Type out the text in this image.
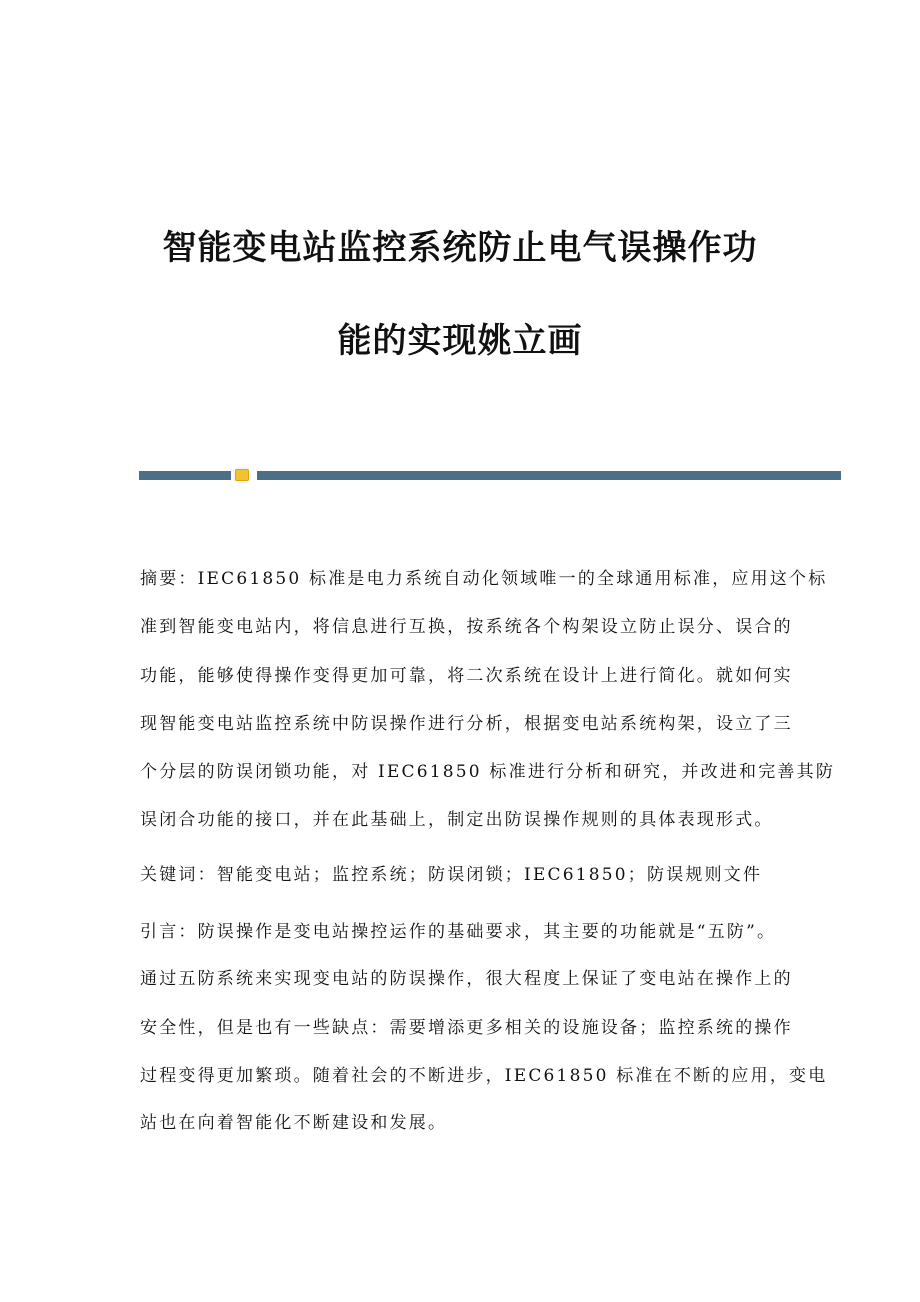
智能变电站监控系统防止电气误操作功
能的实现姚立画
摘要：IEC61850 标准是电力系统自动化领域唯一的全球通用标准，应用这个标
准到智能变电站内，将信息进行互换，按系统各个构架设立防止误分、误合的
功能，能够使得操作变得更加可靠，将二次系统在设计上进行简化。就如何实
现智能变电站监控系统中防误操作进行分析，根据变电站系统构架，设立了三
个分层的防误闭锁功能，对 IEC61850 标准进行分析和研究，并改进和完善其防
误闭合功能的接口，并在此基础上，制定出防误操作规则的具体表现形式。
关键词：智能变电站；监控系统；防误闭锁；IEC61850；防误规则文件
引言：防误操作是变电站操控运作的基础要求，其主要的功能就是“五防”。
通过五防系统来实现变电站的防误操作，很大程度上保证了变电站在操作上的
安全性，但是也有一些缺点：需要增添更多相关的设施设备；监控系统的操作
过程变得更加繁琐。随着社会的不断进步，IEC61850 标准在不断的应用，变电
站也在向着智能化不断建设和发展。
